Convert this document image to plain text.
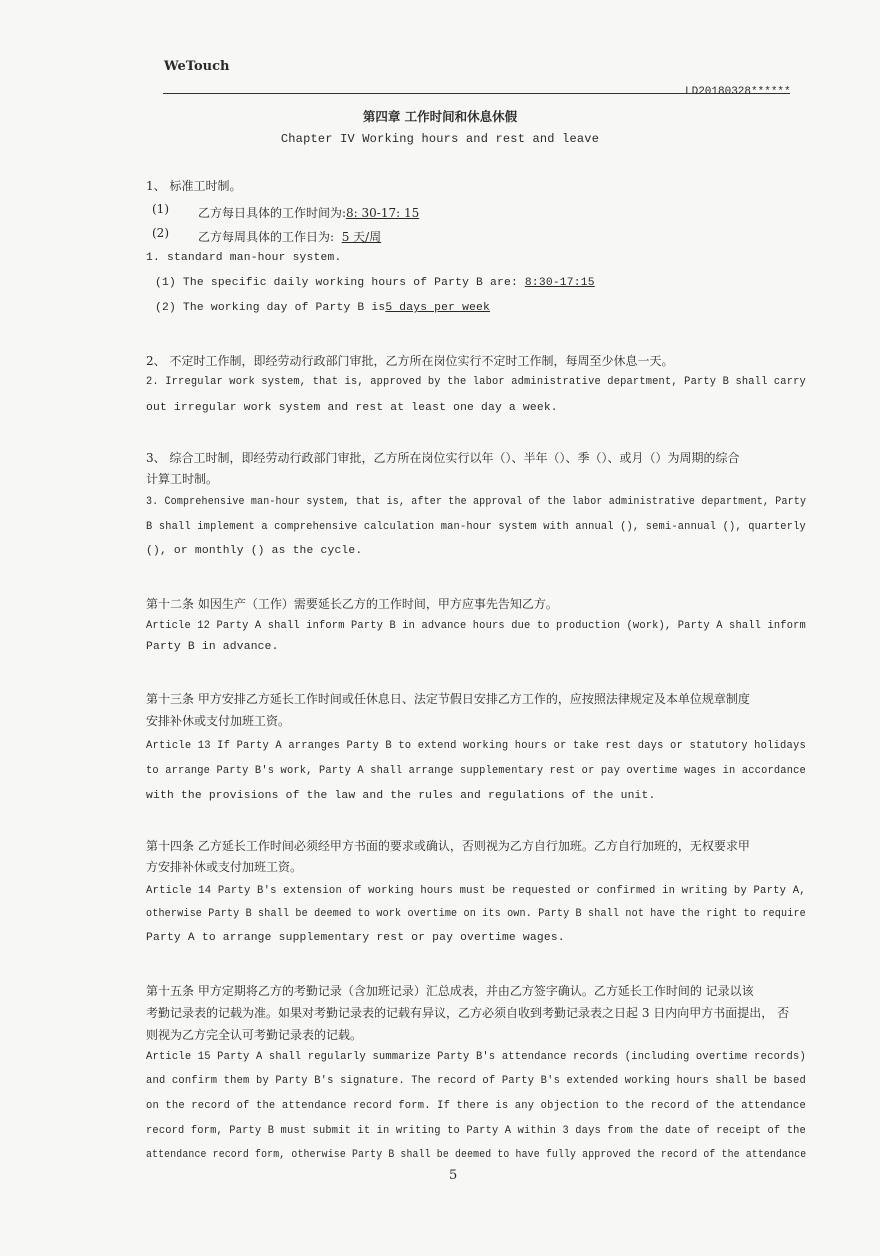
WeTouch
LD20180328******
第四章 工作时间和休息休假
Chapter IV Working hours and rest and leave
1、 标准工时制。
(1) 乙方每日具体的工作时间为:8: 30-17: 15
(2) 乙方每周具体的工作日为: 5 天/周
1. standard man-hour system.
(1) The specific daily working hours of Party B are: 8:30-17:15
(2) The working day of Party B is5 days per week
2、 不定时工作制，即经劳动行政部门审批，乙方所在岗位实行不定时工作制，每周至少休息一天。
2. Irregular work system, that is, approved by the labor administrative department, Party B shall carry
out irregular work system and rest at least one day a week.
3、 综合工时制，即经劳动行政部门审批，乙方所在岗位实行以年（）、半年（）、季（）、或月（）为周期的综合
计算工时制。
3. Comprehensive man-hour system, that is, after the approval of the labor administrative department, Party
B shall implement a comprehensive calculation man-hour system with annual (), semi-annual (), quarterly
(), or monthly () as the cycle.
第十二条 如因生产（工作）需要延长乙方的工作时间，甲方应事先告知乙方。
Article 12 Party A shall inform Party B in advance hours due to production (work), Party A shall inform
Party B in advance.
第十三条 甲方安排乙方延长工作时间或任休息日、法定节假日安排乙方工作的，应按照法律规定及本单位规章制度
安排补休或支付加班工资。
Article 13 If Party A arranges Party B to extend working hours or take rest days or statutory holidays
to arrange Party B's work, Party A shall arrange supplementary rest or pay overtime wages in accordance
with the provisions of the law and the rules and regulations of the unit.
第十四条 乙方延长工作时间必须经甲方书面的要求或确认，否则视为乙方自行加班。乙方自行加班的，无权要求甲
方安排补休或支付加班工资。
Article 14 Party B's extension of working hours must be requested or confirmed in writing by Party A,
otherwise Party B shall be deemed to work overtime on its own. Party B shall not have the right to require
Party A to arrange supplementary rest or pay overtime wages.
第十五条 甲方定期将乙方的考勤记录（含加班记录）汇总成表，并由乙方签字确认。乙方延长工作时间的 记录以该
考勤记录表的记载为准。如果对考勤记录表的记载有异议，乙方必须自收到考勤记录表之日起 3 日内向甲方书面提出， 否
则视为乙方完全认可考勤记录表的记载。
Article 15 Party A shall regularly summarize Party B's attendance records (including overtime records)
and confirm them by Party B's signature. The record of Party B's extended working hours shall be based
on the record of the attendance record form. If there is any objection to the record of the attendance
record form, Party B must submit it in writing to Party A within 3 days from the date of receipt of the
attendance record form, otherwise Party B shall be deemed to have fully approved the record of the attendance
5
